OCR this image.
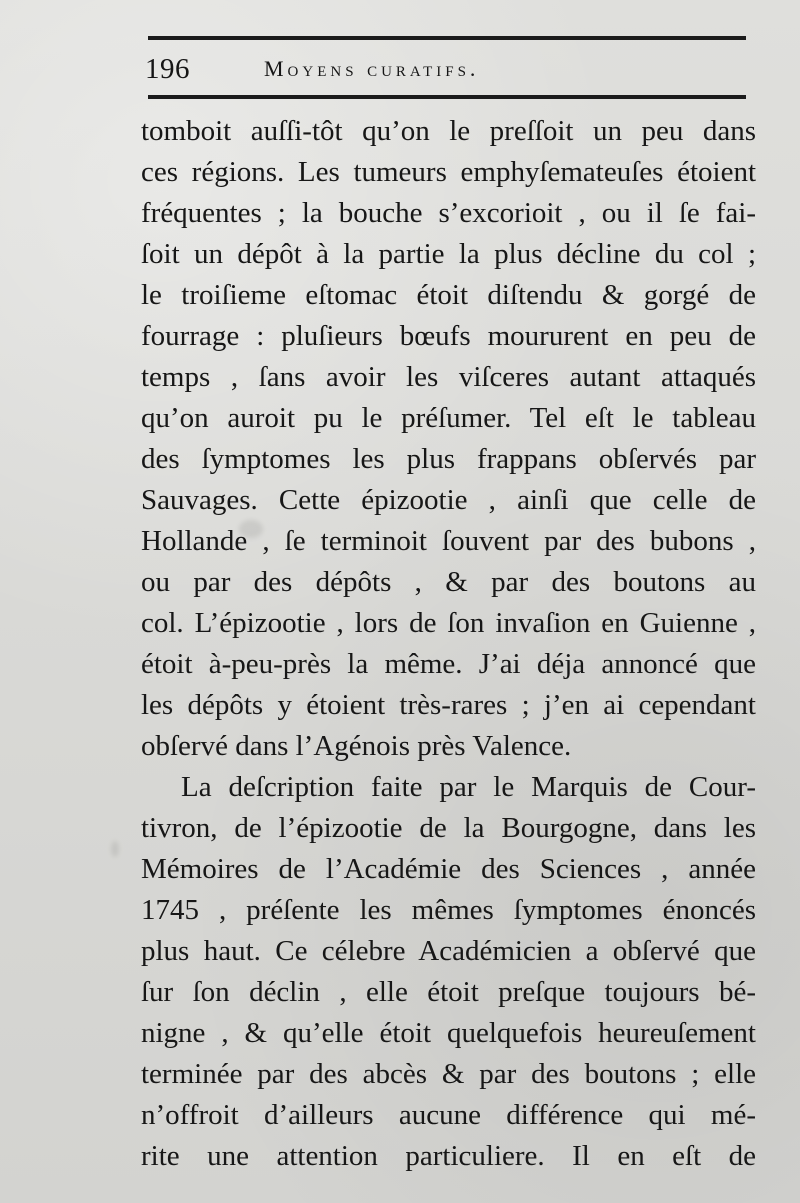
196	Moyens curatifs.
tomboit auſſi-tôt qu’on le preſſoit un peu dans
ces régions. Les tumeurs emphyſemateuſes étoient
fréquentes ; la bouche s’excorioit , ou il ſe fai-
ſoit un dépôt à la partie la plus décline du col ;
le troiſieme eſtomac étoit diſtendu & gorgé de
fourrage : pluſieurs bœufs moururent en peu de
temps , ſans avoir les viſceres autant attaqués
qu’on auroit pu le préſumer. Tel eſt le tableau
des ſymptomes les plus frappans obſervés par
Sauvages. Cette épizootie , ainſi que celle de
Hollande , ſe terminoit ſouvent par des bubons ,
ou par des dépôts , & par des boutons au
col. L’épizootie , lors de ſon invaſion en Guienne ,
étoit à-peu-près la même. J’ai déja annoncé que
les dépôts y étoient très-rares ; j’en ai cependant
obſervé dans l’Agénois près Valence.
La deſcription faite par le Marquis de Cour-
tivron, de l’épizootie de la Bourgogne, dans les
Mémoires de l’Académie des Sciences , année
1745 , préſente les mêmes ſymptomes énoncés
plus haut. Ce célebre Académicien a obſervé que
ſur ſon déclin , elle étoit preſque toujours bé-
nigne , & qu’elle étoit quelquefois heureuſement
terminée par des abcès & par des boutons ; elle
n’offroit d’ailleurs aucune différence qui mé-
rite une attention particuliere. Il en eſt de
